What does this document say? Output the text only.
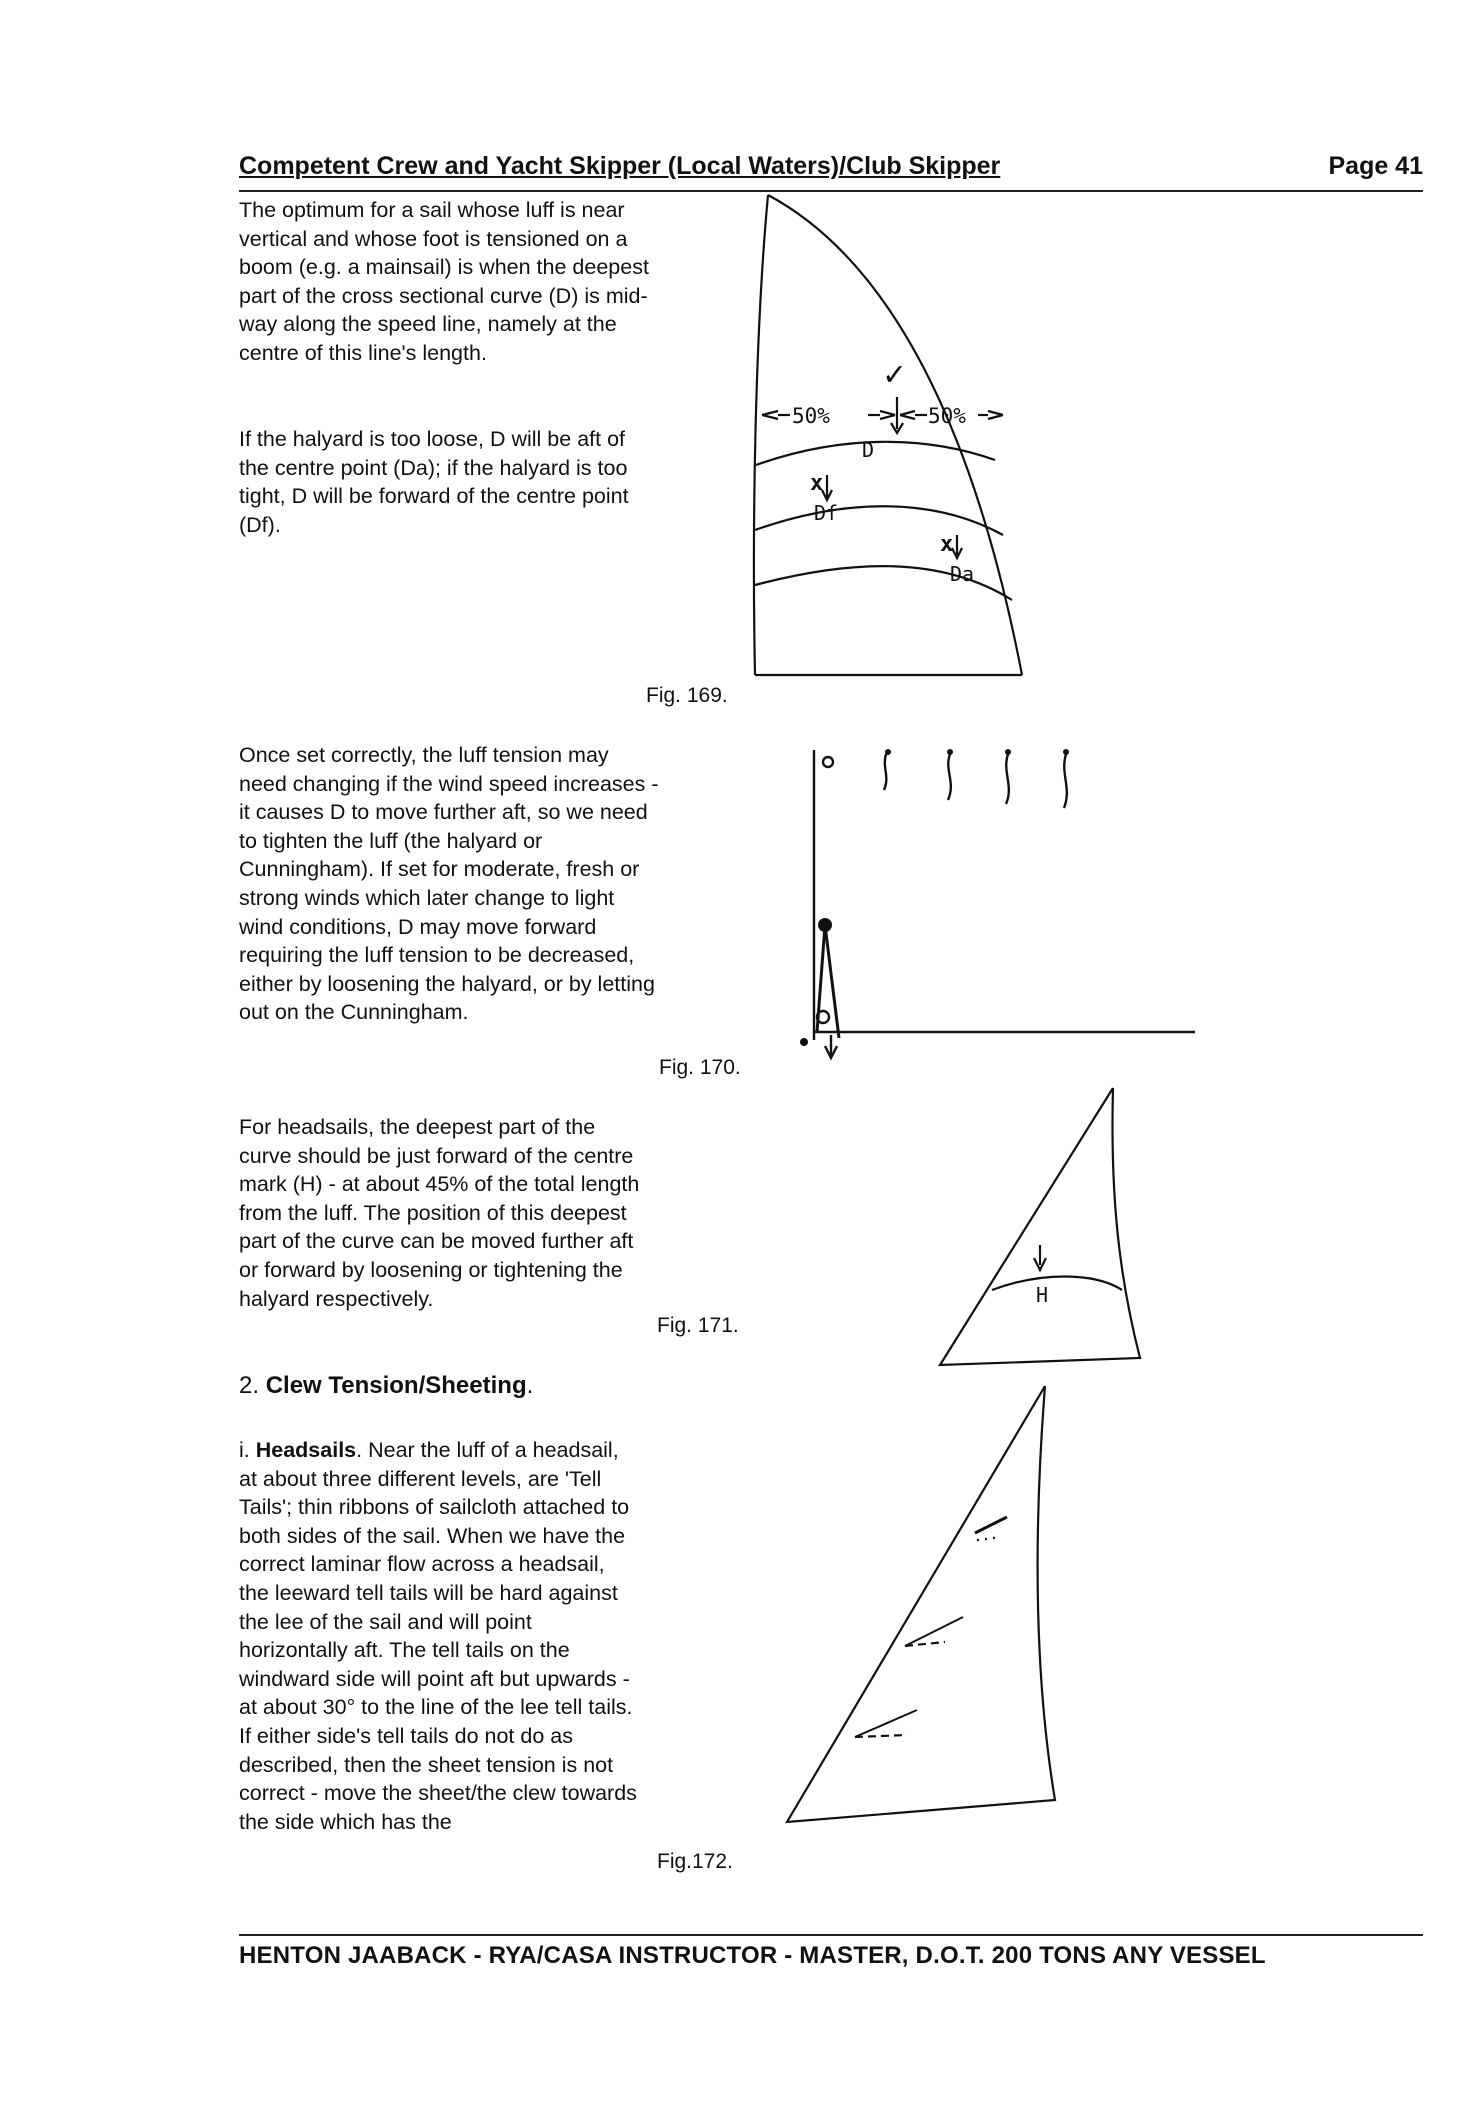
Competent Crew and Yacht Skipper (Local Waters)/Club Skipper	Page 41

The optimum for a sail whose luff is near vertical and whose foot is tensioned on a boom (e.g. a mainsail) is when the deepest part of the cross sectional curve (D) is mid-way along the speed line, namely at the centre of this line's length.

If the halyard is too loose, D will be aft of the centre point (Da); if the halyard is too tight, D will be forward of the centre point (Df).

✓
50%	50%
D
x
Df
x
Da
Fig. 169.

Once set correctly, the luff tension may need changing if the wind speed increases - it causes D to move further aft, so we need to tighten the luff (the halyard or Cunningham). If set for moderate, fresh or strong winds which later change to light wind conditions, D may move forward requiring the luff tension to be decreased, either by loosening the halyard, or by letting out on the Cunningham.

Fig. 170.

For headsails, the deepest part of the curve should be just forward of the centre mark (H) - at about 45% of the total length from the luff. The position of this deepest part of the curve can be moved further aft or forward by loosening or tightening the halyard respectively.	H
Fig. 171.
2. Clew Tension/Sheeting.

i. Headsails. Near the luff of a headsail, at about three different levels, are 'Tell Tails'; thin ribbons of sailcloth attached to both sides of the sail. When we have the correct laminar flow across a headsail, the leeward tell tails will be hard against the lee of the sail and will point horizontally aft. The tell tails on the windward side will point aft but upwards - at about 30° to the line of the lee tell tails. If either side's tell tails do not do as described, then the sheet tension is not correct - move the sheet/the clew towards the side which has the

Fig.172.
HENTON JAABACK - RYA/CASA INSTRUCTOR - MASTER, D.O.T. 200 TONS ANY VESSEL
